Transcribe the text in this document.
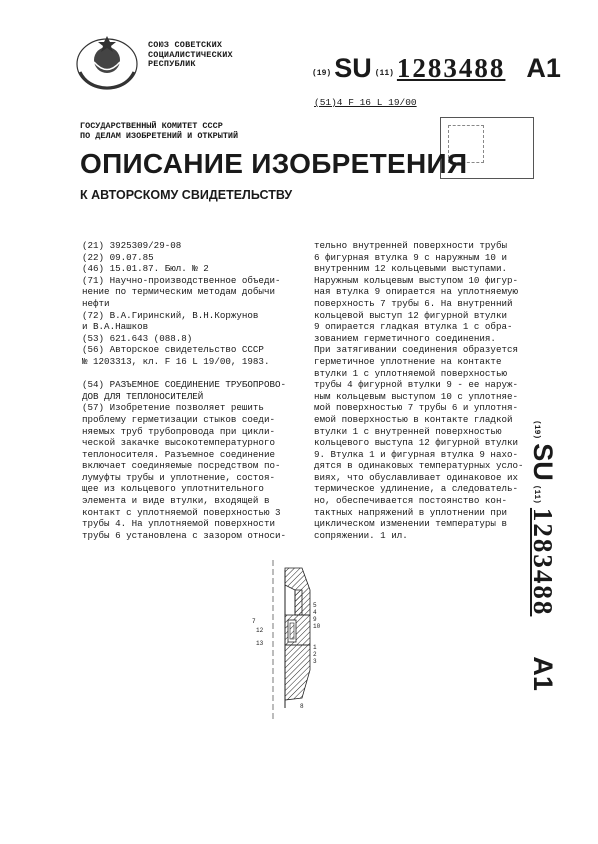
СОЮЗ СОВЕТСКИХ
СОЦИАЛИСТИЧЕСКИХ
РЕСПУБЛИК
(19) SU (11) 1283488 A1
(51)4 F 16 L 19/00
ГОСУДАРСТВЕННЫЙ КОМИТЕТ СССР
ПО ДЕЛАМ ИЗОБРЕТЕНИЙ И ОТКРЫТИЙ
ОПИСАНИЕ ИЗОБРЕТЕНИЯ
К АВТОРСКОМУ СВИДЕТЕЛЬСТВУ
(21) 3925309/29-08
(22) 09.07.85
(46) 15.01.87. Бюл. № 2
(71) Научно-производственное объеди-
нение по термическим методам добычи
нефти
(72) В.А.Гиринский, В.Н.Коржунов
и В.А.Нашков
(53) 621.643 (088.8)
(56) Авторское свидетельство СССР
№ 1203313, кл. F 16 L 19/00, 1983.
(54) РАЗЪЕМНОЕ СОЕДИНЕНИЕ ТРУБОПРОВО-
ДОВ ДЛЯ ТЕПЛОНОСИТЕЛЕЙ
(57) Изобретение позволяет решить
проблему герметизации стыков соеди-
няемых труб трубопровода при цикли-
ческой закачке высокотемпературного
теплоносителя. Разъемное соединение
включает соединяемые посредством по-
лумуфты трубы и уплотнение, состоя-
щее из кольцевого уплотнительного
элемента и виде втулки, входящей в
контакт с уплотняемой поверхностью 3
трубы 4. На уплотняемой поверхности
трубы 6 установлена с зазором относи-
тельно внутренней поверхности трубы
6 фигурная втулка 9 с наружным 10 и
внутренним 12 кольцевыми выступами.
Наружным кольцевым выступом 10 фигур-
ная втулка 9 опирается на уплотняемую
поверхность 7 трубы 6. На внутренний
кольцевой выступ 12 фигурной втулки
9 опирается гладкая втулка 1 с обра-
зованием герметичного соединения.
При затягивании соединения образуется
герметичное уплотнение на контакте
втулки 1 с уплотняемой поверхностью
трубы 4 фигурной втулки 9 - ее наруж-
ным кольцевым выступом 10 с уплотняе-
мой поверхностью 7 трубы 6 и уплотня-
емой поверхностью в контакте гладкой
втулки 1 с внутренней поверхностью
кольцевого выступа 12 фигурной втулки
9. Втулка 1 и фигурная втулка 9 нахо-
дятся в одинаковых температурных усло-
виях, что обуславливает одинаковое их
термическое удлинение, а следователь-
но, обеспечивается постоянство кон-
тактных напряжений в уплотнении при
циклическом изменении температуры в
сопряжении. 1 ил.
(19)
SU
(11)
1283488
A1
5
4
9
10
1
2
3
7
12
13
8
